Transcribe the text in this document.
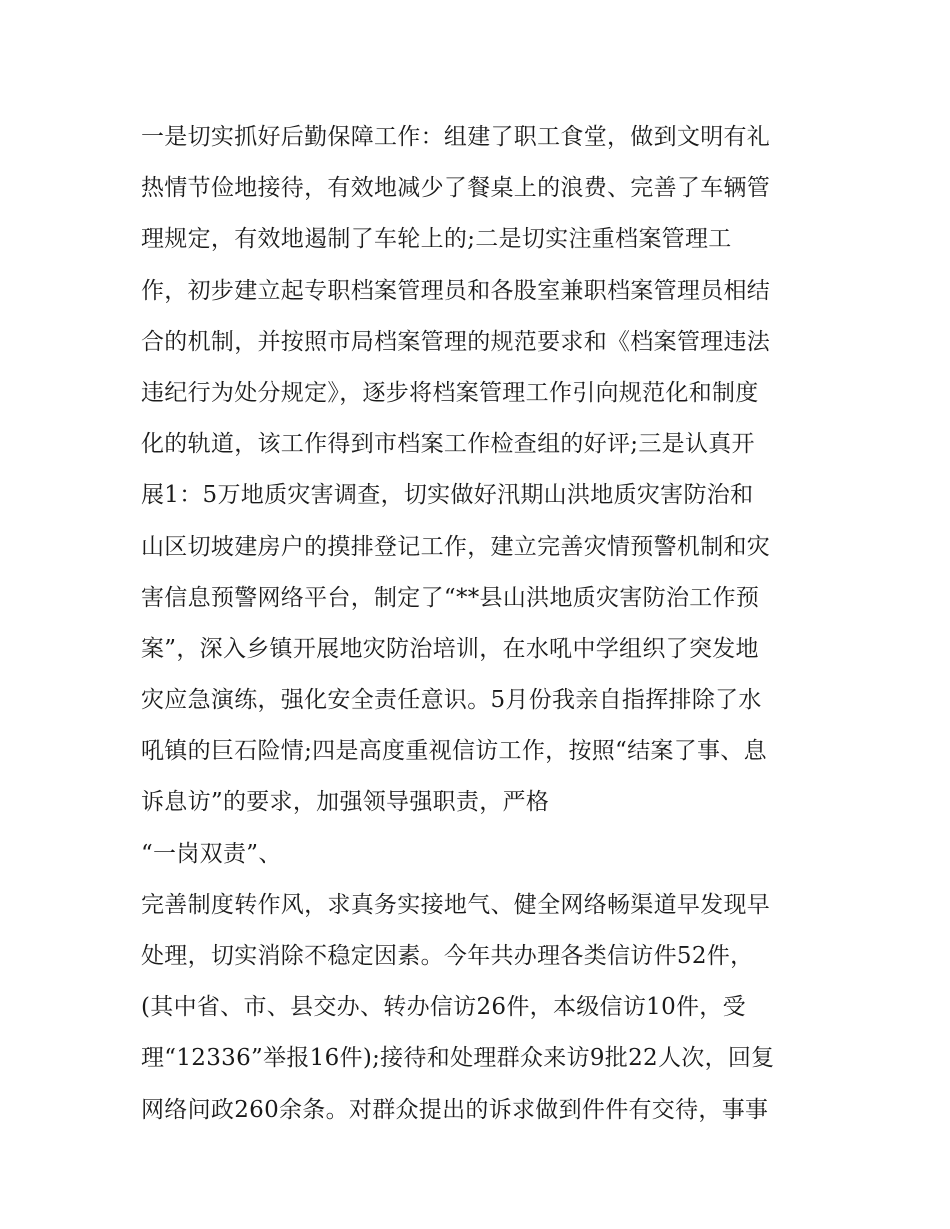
一是切实抓好后勤保障工作：组建了职工食堂，做到文明有礼
热情节俭地接待，有效地减少了餐桌上的浪费、完善了车辆管
理规定，有效地遏制了车轮上的;二是切实注重档案管理工
作，初步建立起专职档案管理员和各股室兼职档案管理员相结
合的机制，并按照市局档案管理的规范要求和《档案管理违法
违纪行为处分规定》，逐步将档案管理工作引向规范化和制度
化的轨道，该工作得到市档案工作检查组的好评;三是认真开
展1：5万地质灾害调查，切实做好汛期山洪地质灾害防治和
山区切坡建房户的摸排登记工作，建立完善灾情预警机制和灾
害信息预警网络平台，制定了“**县山洪地质灾害防治工作预
案”，深入乡镇开展地灾防治培训，在水吼中学组织了突发地
灾应急演练，强化安全责任意识。5月份我亲自指挥排除了水
吼镇的巨石险情;四是高度重视信访工作，按照“结案了事、息
诉息访”的要求，加强领导强职责，严格
“一岗双责”、
完善制度转作风，求真务实接地气、健全网络畅渠道早发现早
处理，切实消除不稳定因素。今年共办理各类信访件52件，
(其中省、市、县交办、转办信访26件，本级信访10件，受
理“12336”举报16件);接待和处理群众来访9批22人次，回复
网络问政260余条。对群众提出的诉求做到件件有交待，事事
